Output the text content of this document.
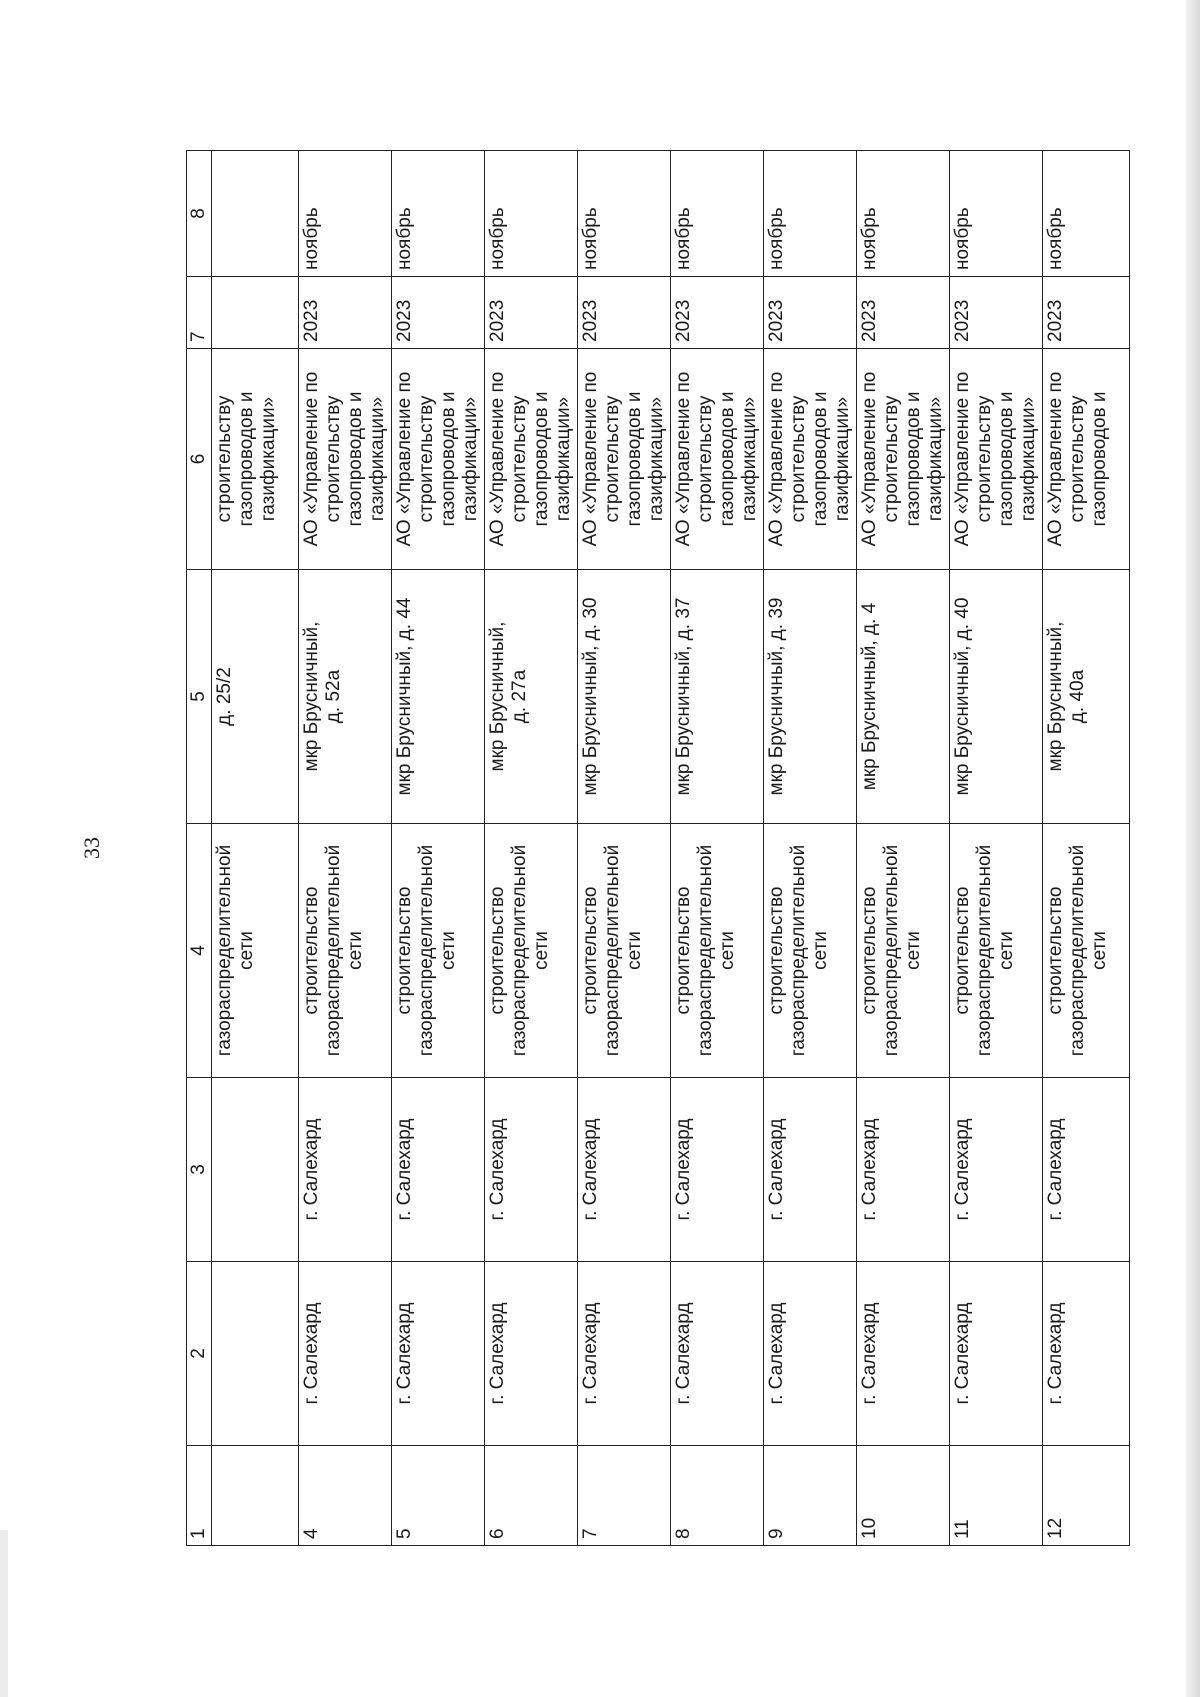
33
1	2	3	4	5	6	7	8
			газораспределительной
сети	д. 25/2	строительству
газопроводов и
газификации»		
4	г. Салехард	г. Салехард	строительство
газораспределительной
сети	мкр Брусничный,
д. 52а	АО «Управление по
строительству
газопроводов и
газификации»	2023	ноябрь
5	г. Салехард	г. Салехард	строительство
газораспределительной
сети	мкр Брусничный, д. 44	АО «Управление по
строительству
газопроводов и
газификации»	2023	ноябрь
6	г. Салехард	г. Салехард	строительство
газораспределительной
сети	мкр Брусничный,
д. 27а	АО «Управление по
строительству
газопроводов и
газификации»	2023	ноябрь
7	г. Салехард	г. Салехард	строительство
газораспределительной
сети	мкр Брусничный, д. 30	АО «Управление по
строительству
газопроводов и
газификации»	2023	ноябрь
8	г. Салехард	г. Салехард	строительство
газораспределительной
сети	мкр Брусничный, д. 37	АО «Управление по
строительству
газопроводов и
газификации»	2023	ноябрь
9	г. Салехард	г. Салехард	строительство
газораспределительной
сети	мкр Брусничный, д. 39	АО «Управление по
строительству
газопроводов и
газификации»	2023	ноябрь
10	г. Салехард	г. Салехард	строительство
газораспределительной
сети	мкр Брусничный, д. 4	АО «Управление по
строительству
газопроводов и
газификации»	2023	ноябрь
11	г. Салехард	г. Салехард	строительство
газораспределительной
сети	мкр Брусничный, д. 40	АО «Управление по
строительству
газопроводов и
газификации»	2023	ноябрь
12	г. Салехард	г. Салехард	строительство
газораспределительной
сети	мкр Брусничный,
д. 40а	АО «Управление по
строительству
газопроводов и	2023	ноябрь
